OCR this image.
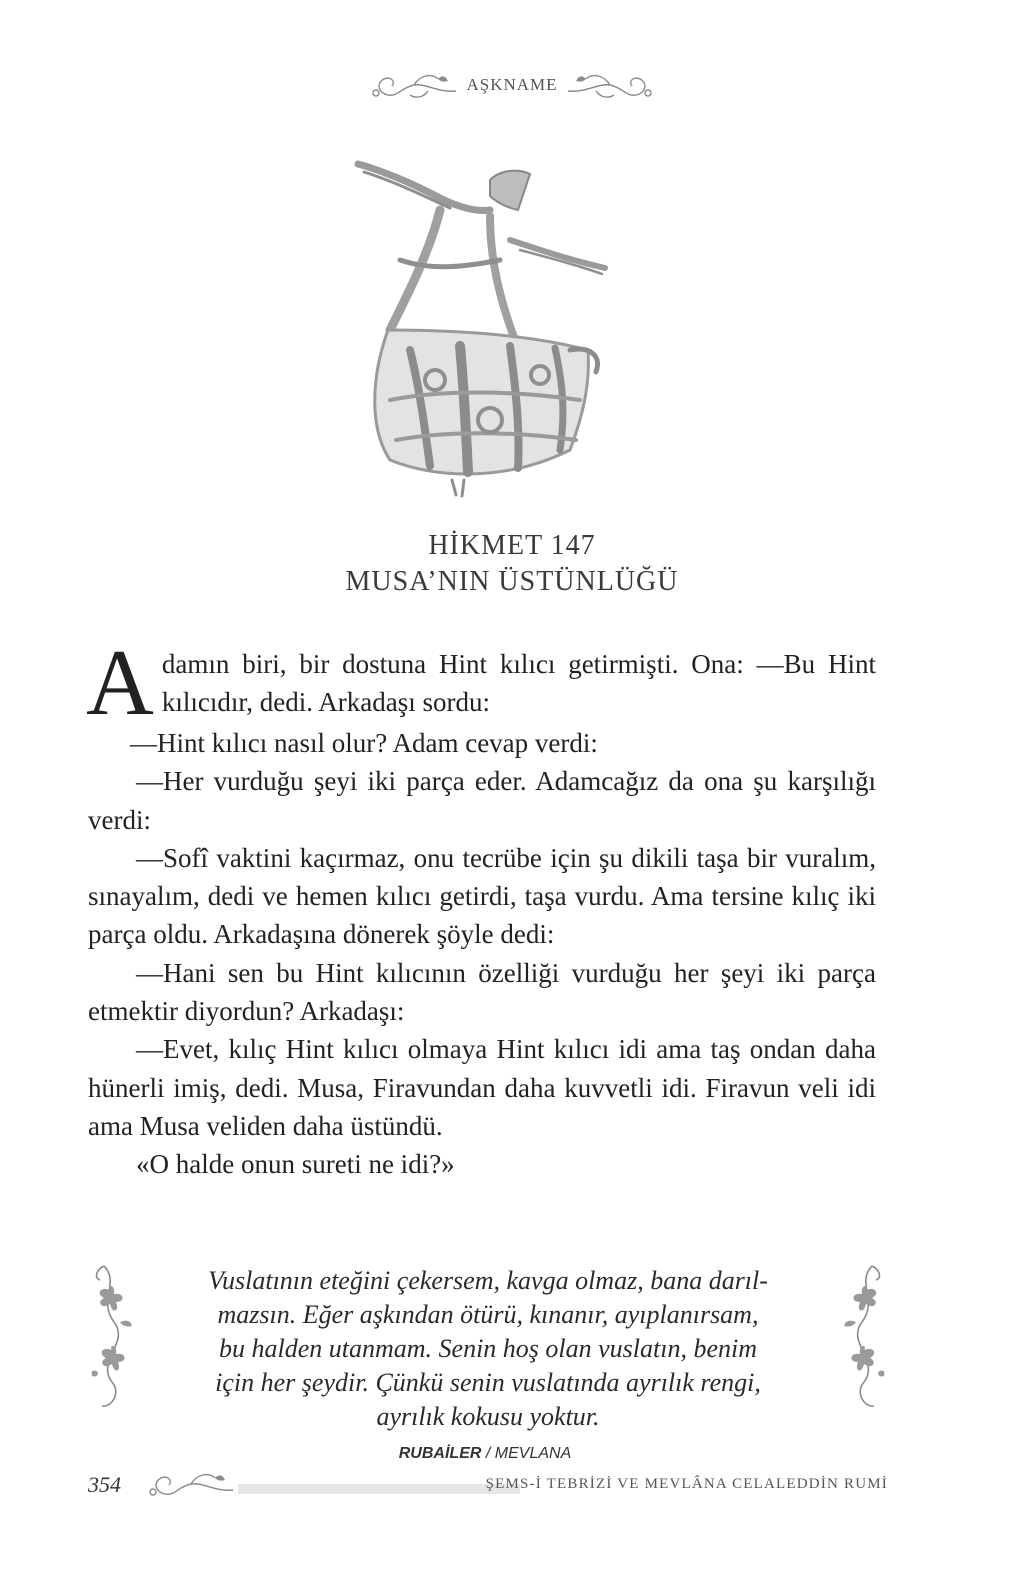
AŞKNAME
HİKMET 147
MUSA’NIN ÜSTÜNLÜĞÜ

Adamın biri, bir dostuna Hint kılıcı getirmişti. Ona: —Bu Hint kılıcıdır, dedi. Arkadaşı sordu:

—Hint kılıcı nasıl olur? Adam cevap verdi:

—Her vurduğu şeyi iki parça eder. Adamcağız da ona şu karşılığı verdi:

—Sofî vaktini kaçırmaz, onu tecrübe için şu dikili taşa bir vuralım, sınayalım, dedi ve hemen kılıcı getirdi, taşa vurdu. Ama tersine kılıç iki parça oldu. Arkadaşına dönerek şöyle dedi:

—Hani sen bu Hint kılıcının özelliği vurduğu her şeyi iki parça etmektir diyordun? Arkadaşı:

—Evet, kılıç Hint kılıcı olmaya Hint kılıcı idi ama taş ondan daha hünerli imiş, dedi. Musa, Firavundan daha kuvvetli idi. Firavun veli idi ama Musa veliden daha üstündü.

«O halde onun sureti ne idi?»

Vuslatının eteğini çekersem, kavga olmaz, bana darıl-
mazsın. Eğer aşkından ötürü, kınanır, ayıplanırsam,
bu halden utanmam. Senin hoş olan vuslatın, benim
için her şeydir. Çünkü senin vuslatında ayrılık rengi,
ayrılık kokusu yoktur.
RUBAİLER / MEVLANA
354	ŞEMS-İ TEBRİZİ VE MEVLÂNA CELALEDDİN RUMİ
